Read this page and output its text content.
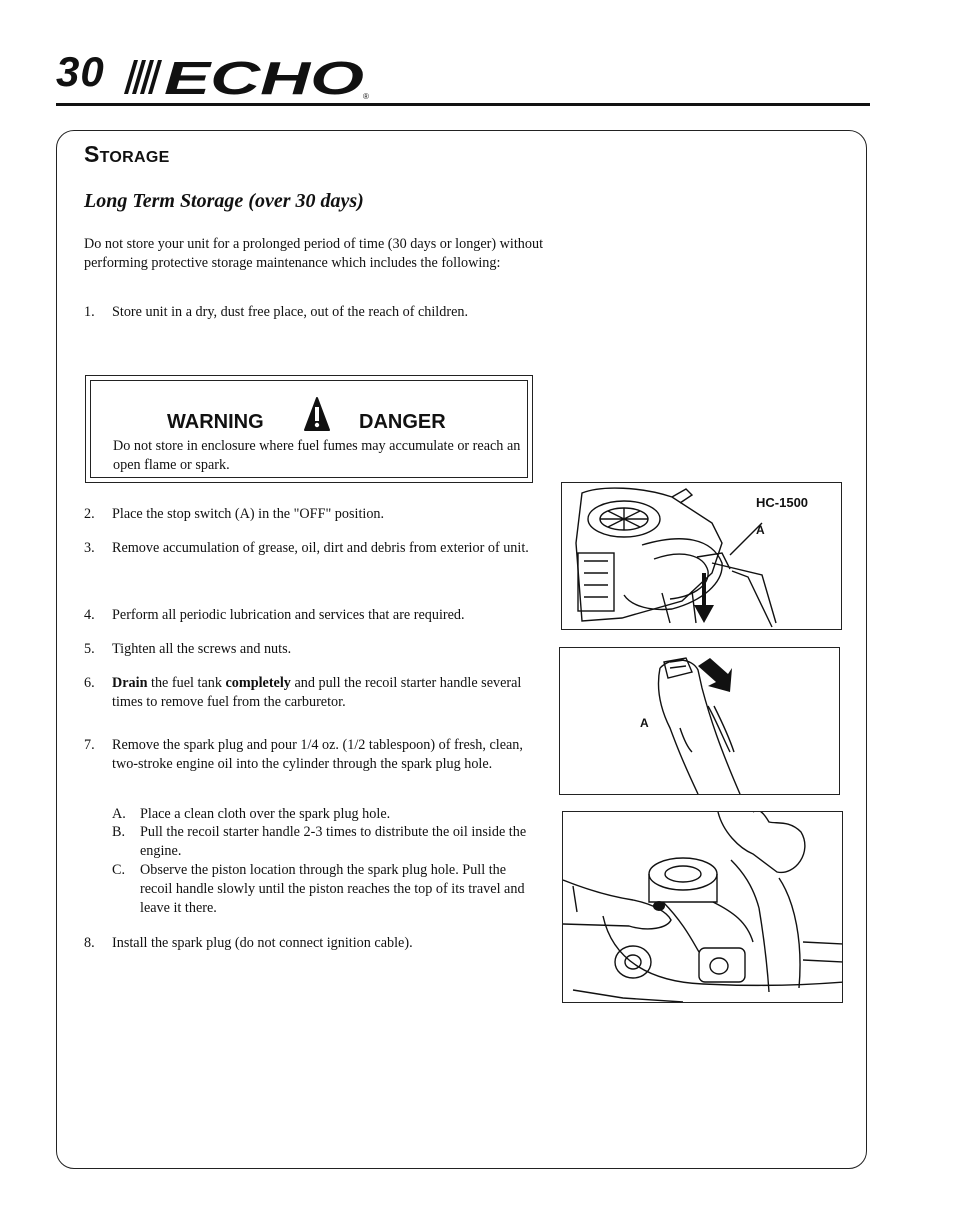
30 ECHO
®
Storage
Long Term Storage (over 30 days)
Do not store your unit for a prolonged period of time (30 days or longer) without performing protective storage maintenance which includes the following:
1. Store unit in a dry, dust free place, out of the reach of children.
WARNING	DANGER
Do not store in enclosure where fuel fumes may accumulate or reach an open flame or spark.
2. Place the stop switch (A) in the "OFF" position.
3. Remove accumulation of grease, oil, dirt and debris from exterior of unit.
4. Perform all periodic lubrication and services that are required.
5. Tighten all the screws and nuts.
6. Drain the fuel tank completely and pull the recoil starter handle several times to remove fuel from the carburetor.
7. Remove the spark plug and pour 1/4 oz. (1/2 tablespoon) of fresh, clean, two-stroke engine oil into the cylinder through the spark plug hole.
A. Place a clean cloth over the spark plug hole.
B. Pull the recoil starter handle 2-3 times to distribute the oil inside the engine.
C. Observe the piston location through the spark plug hole. Pull the recoil handle slowly until the piston reaches the top of its travel and leave it there.
8. Install the spark plug (do not connect ignition cable).
HC-1500
A
A
